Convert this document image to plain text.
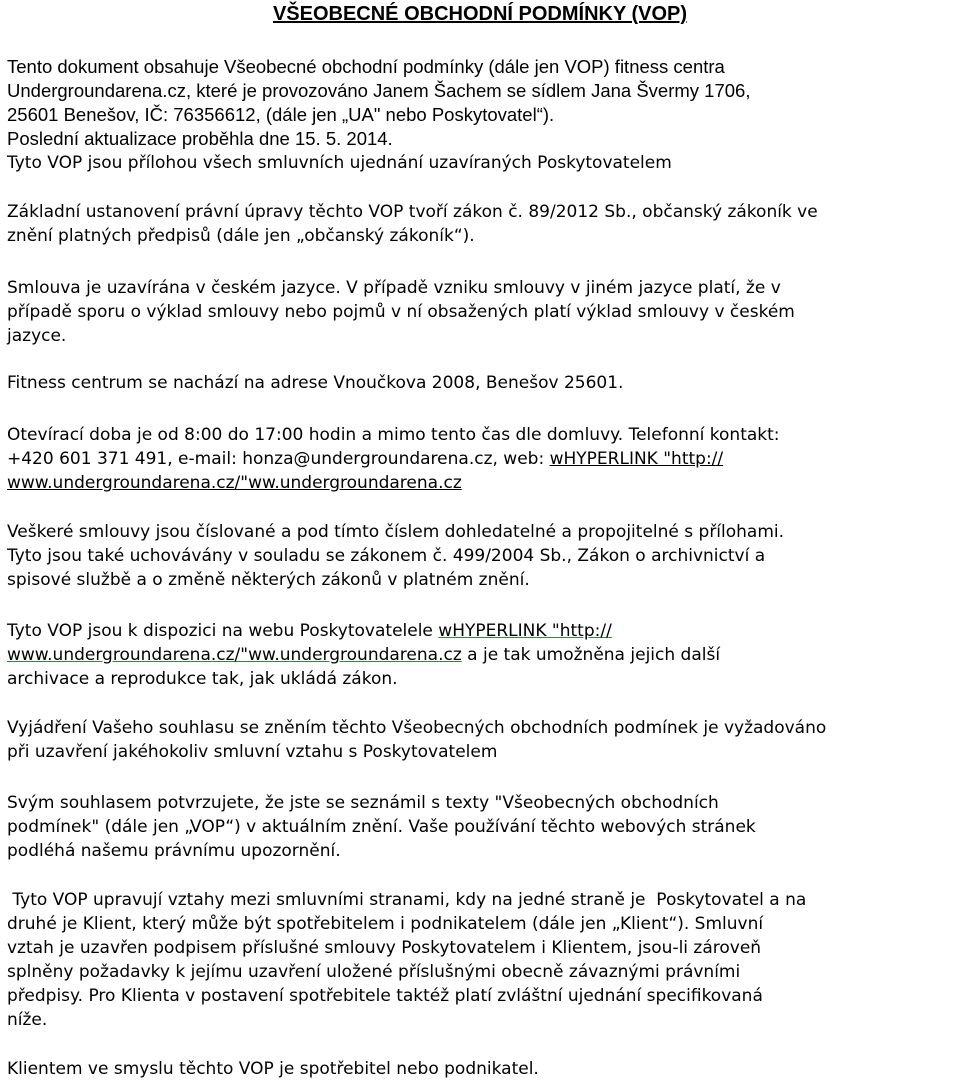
VŠEOBECNÉ OBCHODNÍ PODMÍNKY (VOP)
Tento dokument obsahuje Všeobecné obchodní podmínky (dále jen VOP) fitness centra
Undergroundarena.cz, které je provozováno Janem Šachem se sídlem Jana Švermy 1706,
25601 Benešov, IČ: 76356612, (dále jen „UA" nebo Poskytovatel“).
Poslední aktualizace proběhla dne 15. 5. 2014.
Tyto VOP jsou přílohou všech smluvních ujednání uzavíraných Poskytovatelem
Základní ustanovení právní úpravy těchto VOP tvoří zákon č. 89/2012 Sb., občanský zákoník ve
znění platných předpisů (dále jen „občanský zákoník“).
Smlouva je uzavírána v českém jazyce. V případě vzniku smlouvy v jiném jazyce platí, že v
případě sporu o výklad smlouvy nebo pojmů v ní obsažených platí výklad smlouvy v českém
jazyce.
Fitness centrum se nachází na adrese Vnoučkova 2008, Benešov 25601.
Otevírací doba je od 8:00 do 17:00 hodin a mimo tento čas dle domluvy. Telefonní kontakt:
+420 601 371 491, e-mail: honza@undergroundarena.cz, web: wHYPERLINK "http://
www.undergroundarena.cz/"ww.undergroundarena.cz
Veškeré smlouvy jsou číslované a pod tímto číslem dohledatelné a propojitelné s přílohami.
Tyto jsou také uchovávány v souladu se zákonem č. 499/2004 Sb., Zákon o archivnictví a
spisové službě a o změně některých zákonů v platném znění.
Tyto VOP jsou k dispozici na webu Poskytovatelele wHYPERLINK "http://
www.undergroundarena.cz/"ww.undergroundarena.cz a je tak umožněna jejich další
archivace a reprodukce tak, jak ukládá zákon.
Vyjádření Vašeho souhlasu se zněním těchto Všeobecných obchodních podmínek je vyžadováno
při uzavření jakéhokoliv smluvní vztahu s Poskytovatelem
Svým souhlasem potvrzujete, že jste se seznámil s texty "Všeobecných obchodních
podmínek" (dále jen „VOP“) v aktuálním znění. Vaše používání těchto webových stránek
podléhá našemu právnímu upozornění.
Tyto VOP upravují vztahy mezi smluvními stranami, kdy na jedné straně je  Poskytovatel a na
druhé je Klient, který může být spotřebitelem i podnikatelem (dále jen „Klient“). Smluvní
vztah je uzavřen podpisem příslušné smlouvy Poskytovatelem i Klientem, jsou-li zároveň
splněny požadavky k jejímu uzavření uložené příslušnými obecně závaznými právními
předpisy. Pro Klienta v postavení spotřebitele taktéž platí zvláštní ujednání specifikovaná
níže.
Klientem ve smyslu těchto VOP je spotřebitel nebo podnikatel.
